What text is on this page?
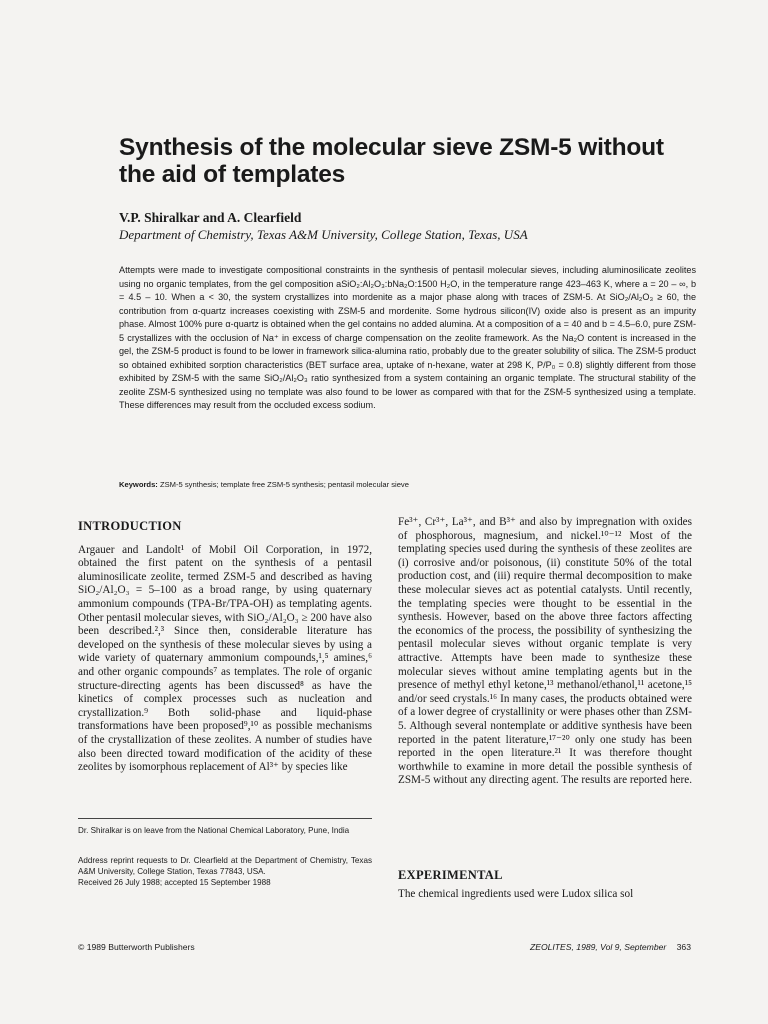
Synthesis of the molecular sieve ZSM-5 without the aid of templates

V.P. Shiralkar and A. Clearfield

Department of Chemistry, Texas A&M University, College Station, Texas, USA

Attempts were made to investigate compositional constraints in the synthesis of pentasil molecular sieves, including aluminosilicate zeolites using no organic templates, from the gel composition aSiO₂:Al₂O₃:bNa₂O:1500 H₂O, in the temperature range 423–463 K, where a = 20 – ∞, b = 4.5 – 10. When a < 30, the system crystallizes into mordenite as a major phase along with traces of ZSM-5. At SiO₂/Al₂O₃ ≥ 60, the contribution from α-quartz increases coexisting with ZSM-5 and mordenite. Some hydrous silicon(IV) oxide also is present as an impurity phase. Almost 100% pure α-quartz is obtained when the gel contains no added alumina. At a composition of a = 40 and b = 4.5–6.0, pure ZSM-5 crystallizes with the occlusion of Na⁺ in excess of charge compensation on the zeolite framework. As the Na₂O content is increased in the gel, the ZSM-5 product is found to be lower in framework silica-alumina ratio, probably due to the greater solubility of silica. The ZSM-5 product so obtained exhibited sorption characteristics (BET surface area, uptake of n-hexane, water at 298 K, P/P₀ = 0.8) slightly different from those exhibited by ZSM-5 with the same SiO₂/Al₂O₃ ratio synthesized from a system containing an organic template. The structural stability of the zeolite ZSM-5 synthesized using no template was also found to be lower as compared with that for the ZSM-5 synthesized using a template. These differences may result from the occluded excess sodium.

Keywords: ZSM-5 synthesis; template free ZSM-5 synthesis; pentasil molecular sieve

INTRODUCTION

Argauer and Landolt¹ of Mobil Oil Corporation, in 1972, obtained the first patent on the synthesis of a pentasil aluminosilicate zeolite, termed ZSM-5 and described as having SiO₂/Al₂O₃ = 5–100 as a broad range, by using quaternary ammonium compounds (TPA-Br/TPA-OH) as templating agents. Other pentasil molecular sieves, with SiO₂/Al₂O₃ ≥ 200 have also been described.²,³ Since then, considerable literature has developed on the synthesis of these molecular sieves by using a wide variety of quaternary ammonium compounds,¹,⁵ amines,⁶ and other organic compounds⁷ as templates. The role of organic structure-directing agents has been discussed⁸ as have the kinetics of complex processes such as nucleation and crystallization.⁹ Both solid-phase and liquid-phase transformations have been proposed⁹,¹⁰ as possible mechanisms of the crystallization of these zeolites. A number of studies have also been directed toward modification of the acidity of these zeolites by isomorphous replacement of Al³⁺ by species like

Fe³⁺, Cr³⁺, La³⁺, and B³⁺ and also by impregnation with oxides of phosphorous, magnesium, and nickel.¹⁰⁻¹² Most of the templating species used during the synthesis of these zeolites are (i) corrosive and/or poisonous, (ii) constitute 50% of the total production cost, and (iii) require thermal decomposition to make these molecular sieves act as potential catalysts. Until recently, the templating species were thought to be essential in the synthesis. However, based on the above three factors affecting the economics of the process, the possibility of synthesizing the pentasil molecular sieves without organic template is very attractive. Attempts have been made to synthesize these molecular sieves without amine templating agents but in the presence of methyl ethyl ketone,¹³ methanol/ethanol,¹¹ acetone,¹⁵ and/or seed crystals.¹⁶ In many cases, the products obtained were of a lower degree of crystallinity or were phases other than ZSM-5. Although several nontemplate or additive synthesis have been reported in the patent literature,¹⁷⁻²⁰ only one study has been reported in the open literature.²¹ It was therefore thought worthwhile to examine in more detail the possible synthesis of ZSM-5 without any directing agent. The results are reported here.

Dr. Shiralkar is on leave from the National Chemical Laboratory, Pune, India

Address reprint requests to Dr. Clearfield at the Department of Chemistry, Texas A&M University, College Station, Texas 77843, USA.
Received 26 July 1988; accepted 15 September 1988
EXPERIMENTAL

The chemical ingredients used were Ludox silica sol

© 1989 Butterworth Publishers	ZEOLITES, 1989, Vol 9, September 363
